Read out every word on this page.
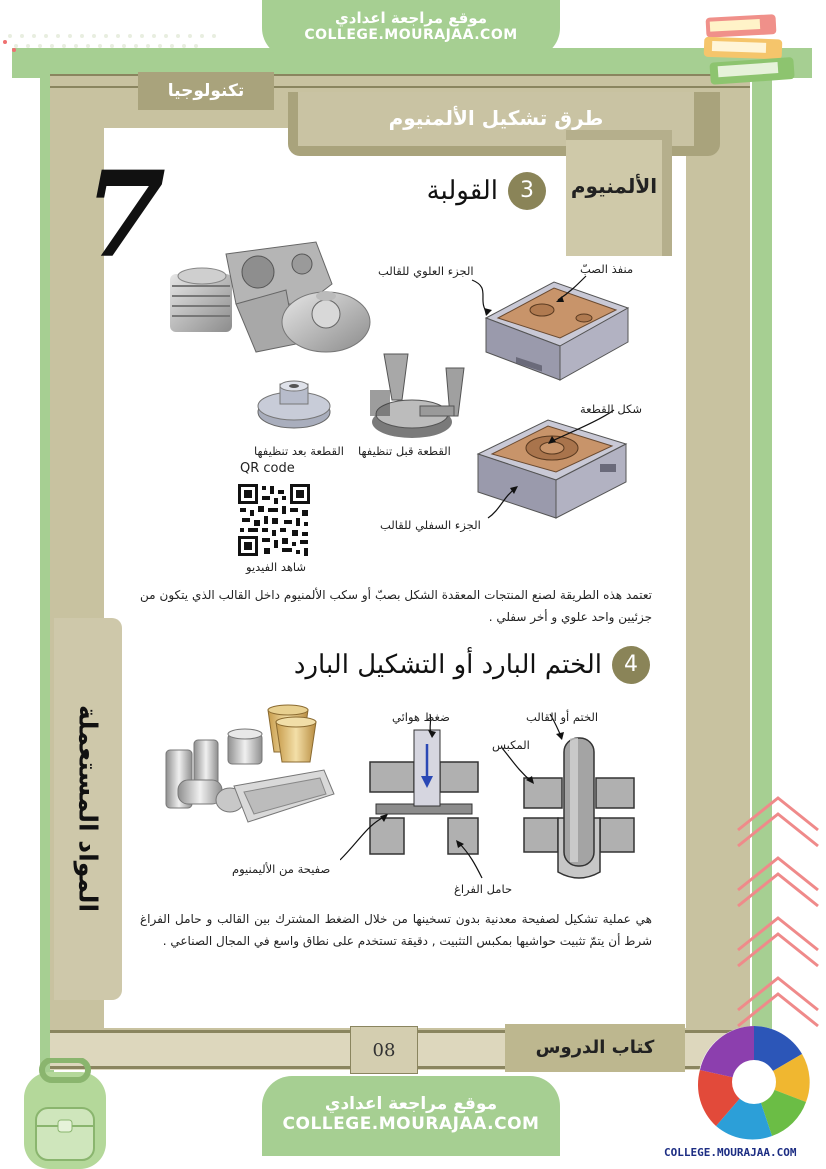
موقع مراجعة اعدادي
COLLEGE.MOURAJAA.COM
تكنولوجيا
طرق تشكيل الألمنيوم
الألمنيوم
7	3
القولبة
الجزء العلوي للقالب	منفذ الصبّ
شكل القطعة
الجزء السفلي للقالب
القطعة قبل تنظيفها
القطعة بعد تنظيفها
QR code
شاهد الفيديو
تعتمد هذه الطريقة لصنع المنتجات المعقدة الشكل بصبّ أو سكب الألمنيوم داخل القالب الذي يتكون من جزئيين واحد علوي و أخر سفلي .
4
الختم البارد أو التشكيل البارد
ضغط هوائي	الختم أو القالب
المكبس
صفيحة من الأليمنيوم
حامل الفراغ
هي عملية تشكيل لصفيحة معدنية بدون تسخينها من خلال الضغط المشترك بين القالب و حامل الفراغ شرط أن يتمّ تثبيت حواشيها بمكبس التثبيت , دقيقة تستخدم على نطاق واسع في المجال الصناعي .
المواد المستعملة
08	كتاب الدروس
موقع مراجعة اعدادي
COLLEGE.MOURAJAA.COM
COLLEGE.MOURAJAA.COM
